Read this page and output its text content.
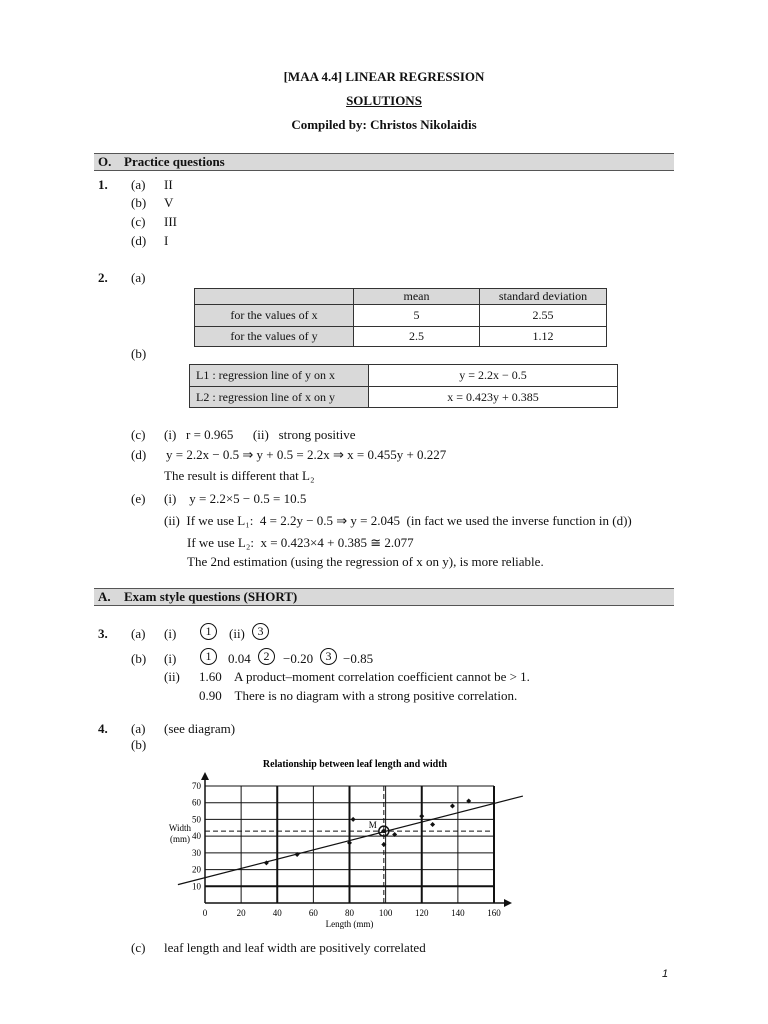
[MAA 4.4] LINEAR REGRESSION
SOLUTIONS
Compiled by: Christos Nikolaidis
O. Practice questions
1. (a) II
(b) V
(c) III
(d) I
2. (a)
	mean	standard deviation
for the values of x	5	2.55
for the values of y	2.5	1.12
(b)
L1 : regression line of y on x	y = 2.2x − 0.5
L2 : regression line of x on y	x = 0.423y + 0.385
(c) (i)   r = 0.965      (ii)   strong positive
(d) y = 2.2x − 0.5 ⇒ y + 0.5 = 2.2x ⇒ x = 0.455y + 0.227
The result is different that L₂
(e) (i)    y = 2.2×5 − 0.5 = 10.5
(ii)  If we use L₁:  4 = 2.2y − 0.5 ⇒ y = 2.045  (in fact we used the inverse function in (d))
If we use L₂:  x = 0.423×4 + 0.385 ≅ 2.077
The 2nd estimation (using the regression of x on y), is more reliable.
A. Exam style questions (SHORT)
3. (a) (i)	1	(ii)	3
(b) (i)	1	0.04	2	−0.20	3 −0.85
(ii) 1.60    A product–moment correlation coefficient cannot be > 1.
0.90    There is no diagram with a strong positive correlation.
4. (a) (see diagram)
(b)
Relationship between leaf length and width
0	20	40	60	80	100	120	140	160
10
20
30
40
50
60
70
Length (mm)
Width
(mm)
M
(c) leaf length and leaf width are positively correlated
1
